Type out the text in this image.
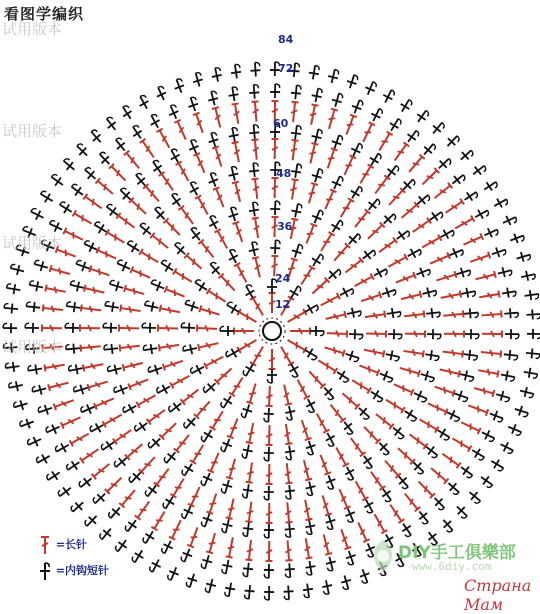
看图学编织
试用版本
试用版本
试用版本
试用版本
84
72
60
48
36
24
12
=长针
=内钩短针
DIY手工俱樂部
www.6diy.com
Страна Мам
